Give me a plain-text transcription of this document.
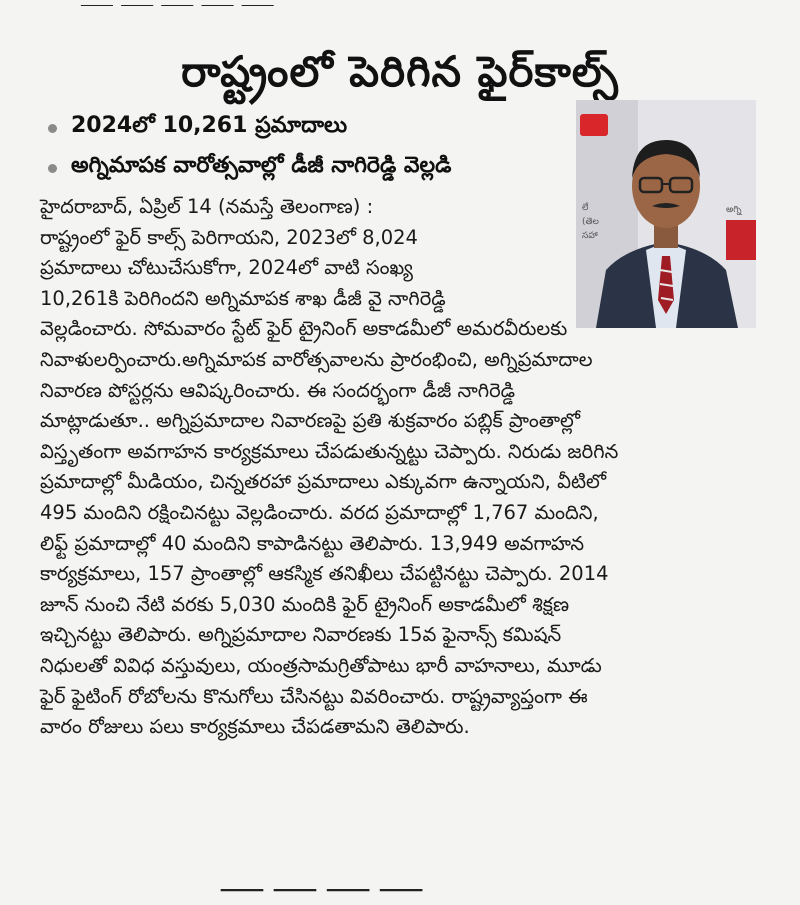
⸺ ⸺ ⸺ ⸺ ⸺
రాష్ట్రంలో పెరిగిన ఫైర్‌కాల్స్‌
2024లో 10,261 ప్రమాదాలు
అగ్నిమాపక వారోత్సవాల్లో డీజీ నాగిరెడ్డి వెల్లడి
లే
(తెల
సహా
అగ్ని
హైదరాబాద్‌, ఏప్రిల్‌ 14 (నమస్తే తెలంగాణ) :
రాష్ట్రంలో ఫైర్‌ కాల్స్‌ పెరిగాయని, 2023లో 8,024
ప్రమాదాలు చోటుచేసుకోగా, 2024లో వాటి సంఖ్య
10,261కి పెరిగిందని అగ్నిమాపక శాఖ డీజీ వై నాగిరెడ్డి
వెల్లడించారు. సోమవారం స్టేట్‌ ఫైర్‌ ట్రైనింగ్‌ అకాడమీలో అమరవీరులకు
నివాళులర్పించారు.అగ్నిమాపక వారోత్సవాలను ప్రారంభించి, అగ్నిప్రమాదాల
నివారణ పోస్టర్లను ఆవిష్కరించారు. ఈ సందర్భంగా డీజీ నాగిరెడ్డి
మాట్లాడుతూ.. అగ్నిప్రమాదాల నివారణపై ప్రతి శుక్రవారం పబ్లిక్‌ ప్రాంతాల్లో
విస్తృతంగా అవగాహన కార్యక్రమాలు చేపడుతున్నట్టు చెప్పారు. నిరుడు జరిగిన
ప్రమాదాల్లో మీడియం, చిన్నతరహా ప్రమాదాలు ఎక్కువగా ఉన్నాయని, వీటిలో
495 మందిని రక్షించినట్టు వెల్లడించారు. వరద ప్రమాదాల్లో 1,767 మందిని,
లిఫ్ట్‌ ప్రమాదాల్లో 40 మందిని కాపాడినట్టు తెలిపారు. 13,949 అవగాహన
కార్యక్రమాలు, 157 ప్రాంతాల్లో ఆకస్మిక తనిఖీలు చేపట్టినట్టు చెప్పారు. 2014
జూన్‌ నుంచి నేటి వరకు 5,030 మందికి ఫైర్‌ ట్రైనింగ్‌ అకాడమీలో శిక్షణ
ఇచ్చినట్టు తెలిపారు. అగ్నిప్రమాదాల నివారణకు 15వ ఫైనాన్స్‌ కమిషన్‌
నిధులతో వివిధ వస్తువులు, యంత్రసామగ్రితోపాటు భారీ వాహనాలు, మూడు
ఫైర్‌ ఫైటింగ్‌ రోబోలను కొనుగోలు చేసినట్టు వివరించారు. రాష్ట్రవ్యాప్తంగా ఈ
వారం రోజులు పలు కార్యక్రమాలు చేపడతామని తెలిపారు.
⸺ ⸺ ⸺ ⸺
